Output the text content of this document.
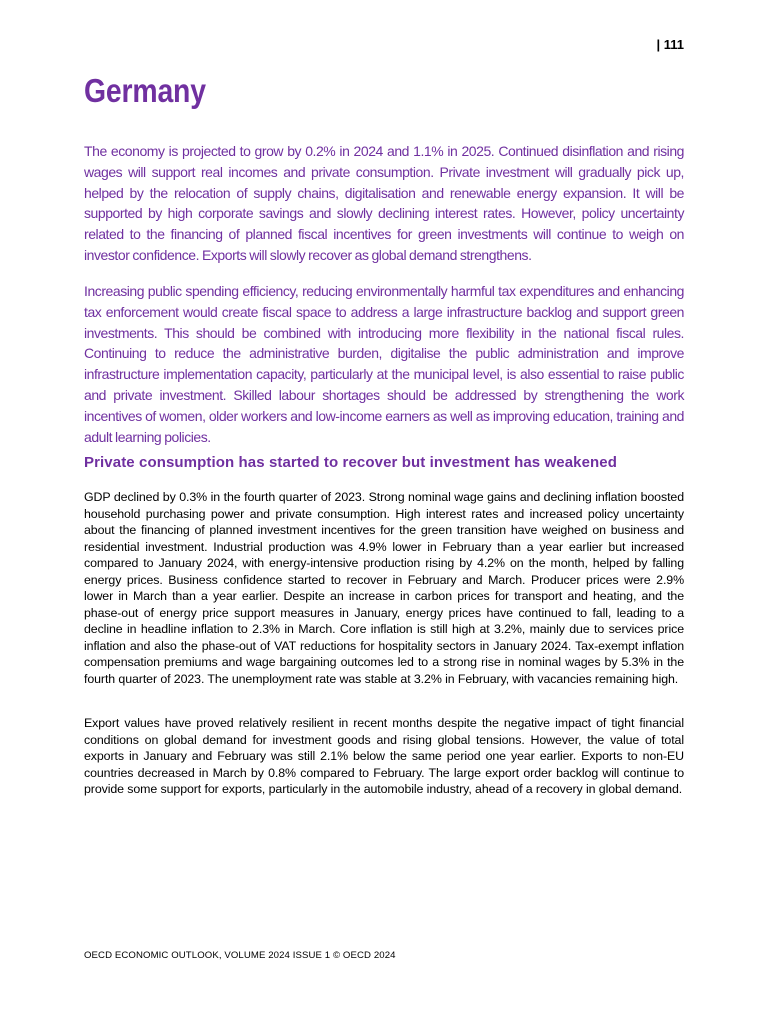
| 111
Germany

The economy is projected to grow by 0.2% in 2024 and 1.1% in 2025. Continued disinflation and rising wages will support real incomes and private consumption. Private investment will gradually pick up, helped by the relocation of supply chains, digitalisation and renewable energy expansion. It will be supported by high corporate savings and slowly declining interest rates. However, policy uncertainty related to the financing of planned fiscal incentives for green investments will continue to weigh on investor confidence. Exports will slowly recover as global demand strengthens.

Increasing public spending efficiency, reducing environmentally harmful tax expenditures and enhancing tax enforcement would create fiscal space to address a large infrastructure backlog and support green investments. This should be combined with introducing more flexibility in the national fiscal rules. Continuing to reduce the administrative burden, digitalise the public administration and improve infrastructure implementation capacity, particularly at the municipal level, is also essential to raise public and private investment. Skilled labour shortages should be addressed by strengthening the work incentives of women, older workers and low-income earners as well as improving education, training and adult learning policies.

Private consumption has started to recover but investment has weakened

GDP declined by 0.3% in the fourth quarter of 2023. Strong nominal wage gains and declining inflation boosted household purchasing power and private consumption. High interest rates and increased policy uncertainty about the financing of planned investment incentives for the green transition have weighed on business and residential investment. Industrial production was 4.9% lower in February than a year earlier but increased compared to January 2024, with energy-intensive production rising by 4.2% on the month, helped by falling energy prices. Business confidence started to recover in February and March. Producer prices were 2.9% lower in March than a year earlier. Despite an increase in carbon prices for transport and heating, and the phase-out of energy price support measures in January, energy prices have continued to fall, leading to a decline in headline inflation to 2.3% in March. Core inflation is still high at 3.2%, mainly due to services price inflation and also the phase-out of VAT reductions for hospitality sectors in January 2024. Tax-exempt inflation compensation premiums and wage bargaining outcomes led to a strong rise in nominal wages by 5.3% in the fourth quarter of 2023. The unemployment rate was stable at 3.2% in February, with vacancies remaining high.

Export values have proved relatively resilient in recent months despite the negative impact of tight financial conditions on global demand for investment goods and rising global tensions. However, the value of total exports in January and February was still 2.1% below the same period one year earlier. Exports to non-EU countries decreased in March by 0.8% compared to February. The large export order backlog will continue to provide some support for exports, particularly in the automobile industry, ahead of a recovery in global demand.

OECD ECONOMIC OUTLOOK, VOLUME 2024 ISSUE 1 © OECD 2024
